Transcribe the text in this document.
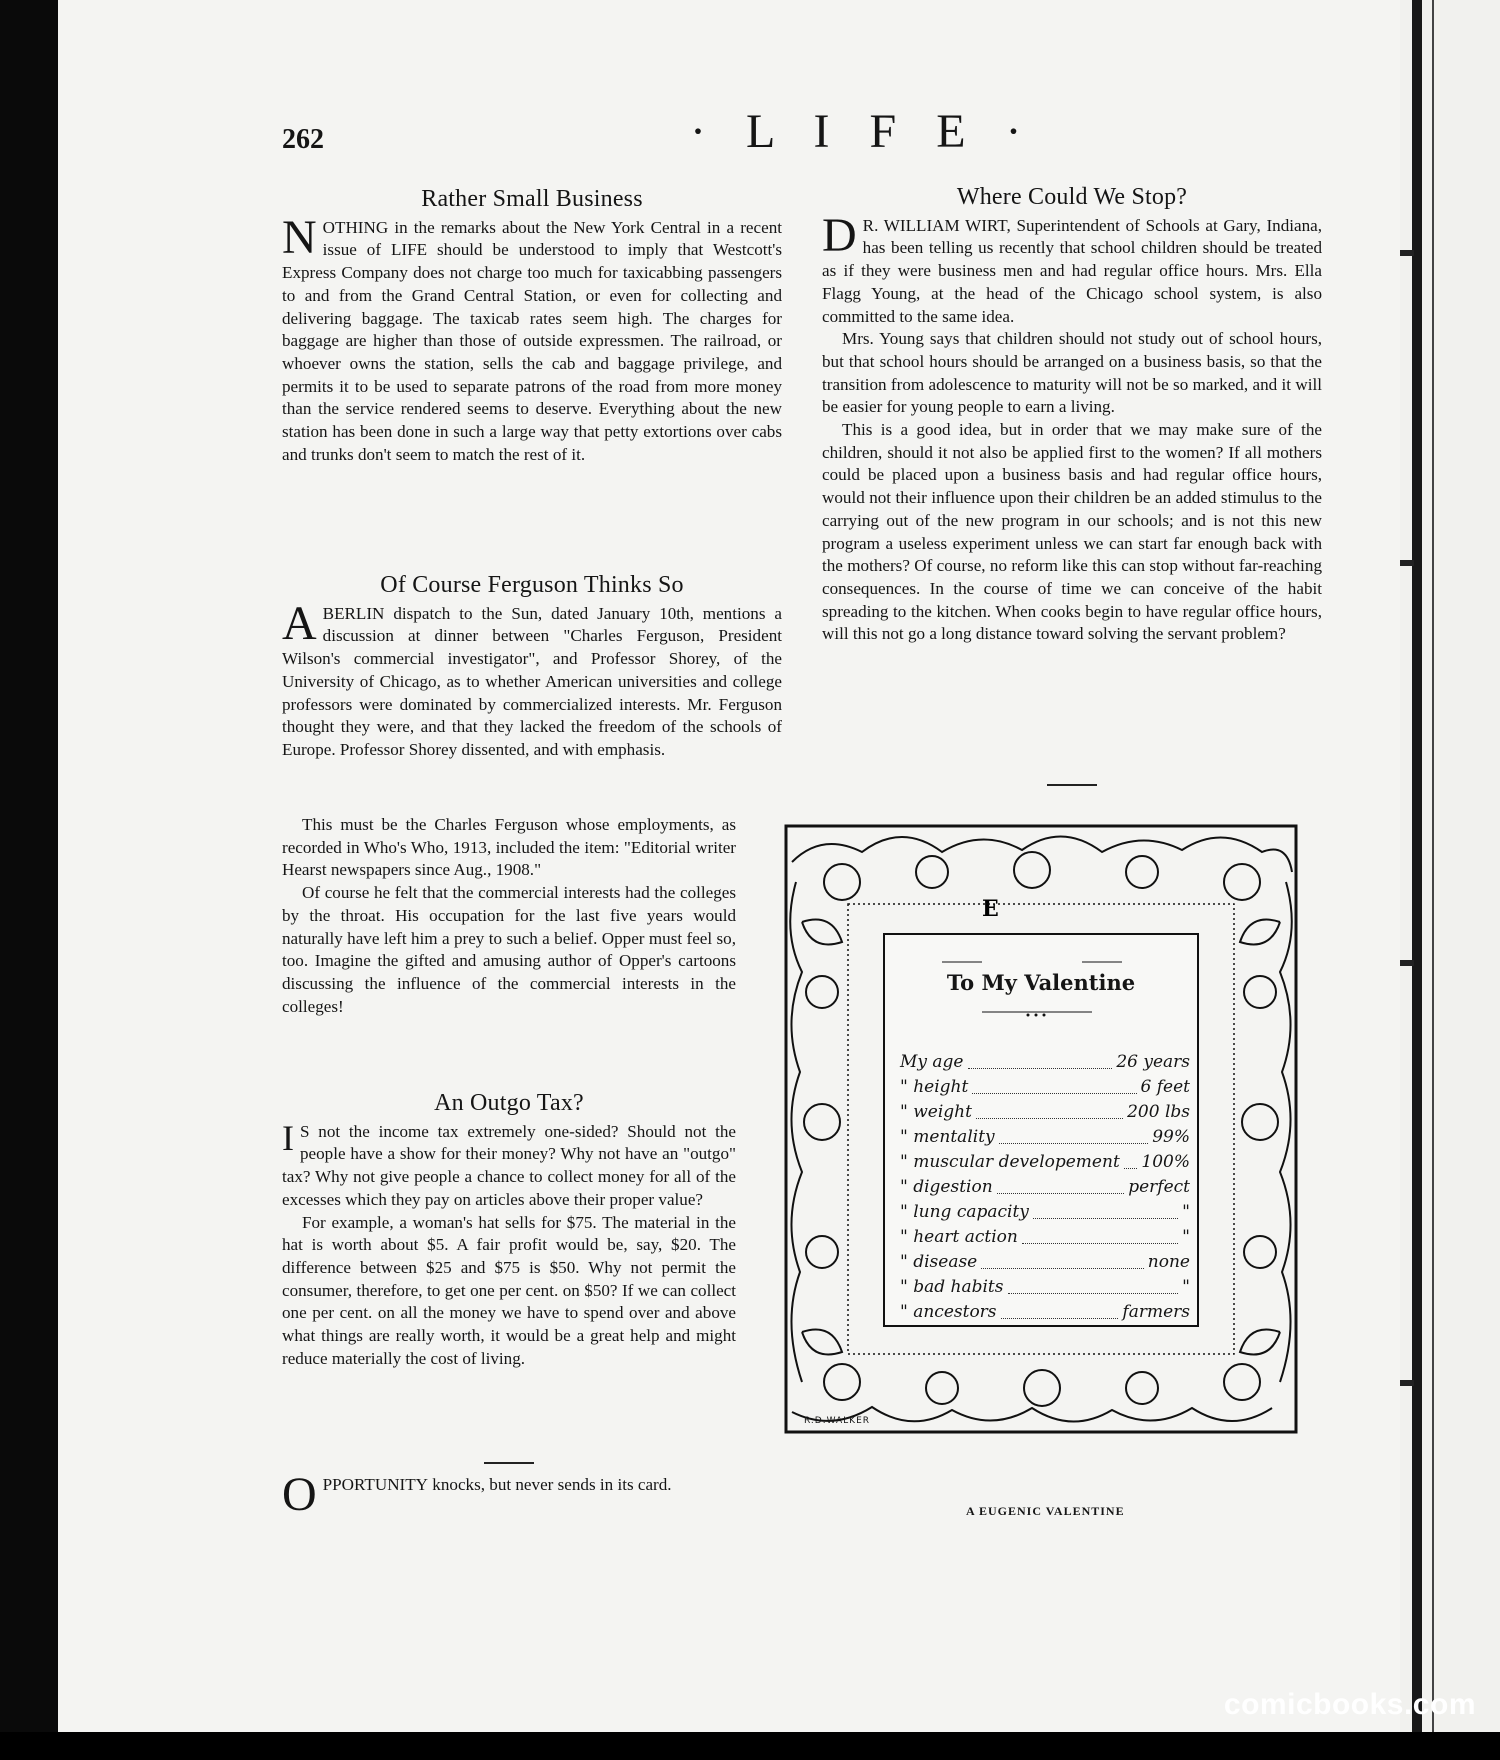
262	· L I F E ·
Rather Small Business

NOTHING in the remarks about the New York Central in a recent issue of LIFE should be understood to imply that Westcott's Express Company does not charge too much for taxicabbing passengers to and from the Grand Central Station, or even for collecting and delivering baggage. The taxicab rates seem high. The charges for baggage are higher than those of outside expressmen. The railroad, or whoever owns the station, sells the cab and baggage privilege, and permits it to be used to separate patrons of the road from more money than the service rendered seems to deserve. Everything about the new station has been done in such a large way that petty extortions over cabs and trunks don't seem to match the rest of it.

Of Course Ferguson Thinks So

ABERLIN dispatch to the Sun, dated January 10th, mentions a discussion at dinner between "Charles Ferguson, President Wilson's commercial investigator", and Professor Shorey, of the University of Chicago, as to whether American universities and college professors were dominated by commercialized interests. Mr. Ferguson thought they were, and that they lacked the freedom of the schools of Europe. Professor Shorey dissented, and with emphasis.

This must be the Charles Ferguson whose employments, as recorded in Who's Who, 1913, included the item: "Editorial writer Hearst newspapers since Aug., 1908."

Of course he felt that the commercial interests had the colleges by the throat. His occupation for the last five years would naturally have left him a prey to such a belief. Opper must feel so, too. Imagine the gifted and amusing author of Opper's cartoons discussing the influence of the commercial interests in the colleges!

An Outgo Tax?

I S not the income tax extremely one-sided? Should not the people have a show for their money? Why not have an "outgo" tax? Why not give people a chance to collect money for all of the excesses which they pay on articles above their proper value?

For example, a woman's hat sells for $75. The material in the hat is worth about $5. A fair profit would be, say, $20. The difference between $25 and $75 is $50. Why not permit the consumer, therefore, to get one per cent. on $50? If we can collect one per cent. on all the money we have to spend over and above what things are really worth, it would be a great help and might reduce materially the cost of living.

OPPORTUNITY knocks, but never sends in its card.

Where Could We Stop?

D R. WILLIAM WIRT, Superintendent of Schools at Gary, Indiana, has been telling us recently that school children should be treated as if they were business men and had regular office hours. Mrs. Ella Flagg Young, at the head of the Chicago school system, is also committed to the same idea.

Mrs. Young says that children should not study out of school hours, but that school hours should be arranged on a business basis, so that the transition from adolescence to maturity will not be so marked, and it will be easier for young people to earn a living.

This is a good idea, but in order that we may make sure of the children, should it not also be applied first to the women? If all mothers could be placed upon a business basis and had regular office hours, would not their influence upon their children be an added stimulus to the carrying out of the new program in our schools; and is not this new program a useless experiment unless we can start far enough back with the mothers? Of course, no reform like this can stop without far-reaching consequences. In the course of time we can conceive of the habit spreading to the kitchen. When cooks begin to have regular office hours, will this not go a long distance toward solving the servant problem?

E
To My Valentine
My age	26 years
" height	6 feet
" weight	200 lbs
" mentality	99%
" muscular developement 100%
" digestion	perfect
" lung capacity	"
" heart action	"
" disease	none
" bad habits	"
" ancestors	farmers
R.D.WALKER
A EUGENIC VALENTINE
comicbooks.com
